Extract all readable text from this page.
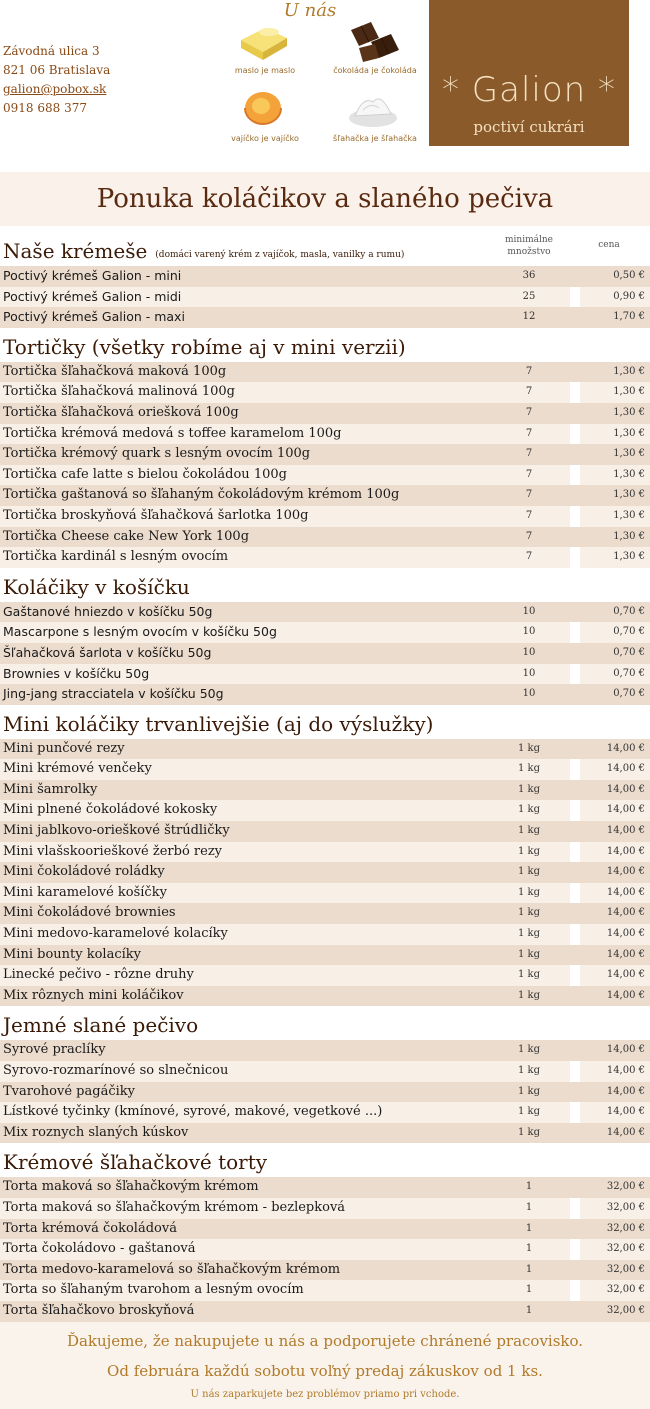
Závodná ulica 3
821 06 Bratislava
galion@pobox.sk
0918 688 377
U nás
maslo je maslo	čokoláda je čokoláda
vajíčko je vajíčko	šľahačka je šľahačka
* Galion *
poctiví cukrári
Ponuka koláčikov a slaného pečiva
minimálne
množstvo
cena
Naše krémeše (domáci varený krém z vajíčok, masla, vanilky a rumu)
Poctivý krémeš Galion - mini	36	0,50 €
Poctivý krémeš Galion - midi	25	0,90 €
Poctivý krémeš Galion - maxi	12	1,70 €
Tortičky (všetky robíme aj v mini verzii)
Tortička šľahačková maková 100g	7	1,30 €
Tortička šľahačková malinová 100g	7	1,30 €
Tortička šľahačková oriešková 100g	7	1,30 €
Tortička krémová medová s toffee karamelom 100g	7	1,30 €
Tortička krémový quark s lesným ovocím 100g	7	1,30 €
Tortička cafe latte s bielou čokoládou 100g	7	1,30 €
Tortička gaštanová so šľahaným čokoládovým krémom 100g	7	1,30 €
Tortička broskyňová šľahačková šarlotka 100g	7	1,30 €
Tortička Cheese cake New York 100g	7	1,30 €
Tortička kardinál s lesným ovocím	7	1,30 €
Koláčiky v košíčku
Gaštanové hniezdo v košíčku 50g	10	0,70 €
Mascarpone s lesným ovocím v košíčku 50g	10	0,70 €
Šľahačková šarlota v košíčku 50g	10	0,70 €
Brownies v košíčku 50g	10	0,70 €
Jing-jang stracciatela v košíčku 50g	10	0,70 €
Mini koláčiky trvanlivejšie (aj do výslužky)
Mini punčové rezy	1 kg	14,00 €
Mini krémové venčeky	1 kg	14,00 €
Mini šamrolky	1 kg	14,00 €
Mini plnené čokoládové kokosky	1 kg	14,00 €
Mini jablkovo-orieškové štrúdličky	1 kg	14,00 €
Mini vlašskoorieškové žerbó rezy	1 kg	14,00 €
Mini čokoládové roládky	1 kg	14,00 €
Mini karamelové košíčky	1 kg	14,00 €
Mini čokoládové brownies	1 kg	14,00 €
Mini medovo-karamelové kolacíky	1 kg	14,00 €
Mini bounty kolacíky	1 kg	14,00 €
Linecké pečivo - rôzne druhy	1 kg	14,00 €
Mix rôznych mini koláčikov	1 kg	14,00 €
Jemné slané pečivo
Syrové praclíky	1 kg	14,00 €
Syrovo-rozmarínové so slnečnicou	1 kg	14,00 €
Tvarohové pagáčiky	1 kg	14,00 €
Lístkové tyčinky (kmínové, syrové, makové, vegetkové ...)	1 kg	14,00 €
Mix roznych slaných kúskov	1 kg	14,00 €
Krémové šľahačkové torty
Torta maková so šľahačkovým krémom	1	32,00 €
Torta maková so šľahačkovým krémom - bezlepková	1	32,00 €
Torta krémová čokoládová	1	32,00 €
Torta čokoládovo - gaštanová	1	32,00 €
Torta medovo-karamelová so šľahačkovým krémom	1	32,00 €
Torta so šľahaným tvarohom a lesným ovocím	1	32,00 €
Torta šľahačkovo broskyňová	1	32,00 €
Ďakujeme, že nakupujete u nás a podporujete chránené pracovisko.
Od februára každú sobotu voľný predaj zákuskov od 1 ks.
U nás zaparkujete bez problémov priamo pri vchode.
